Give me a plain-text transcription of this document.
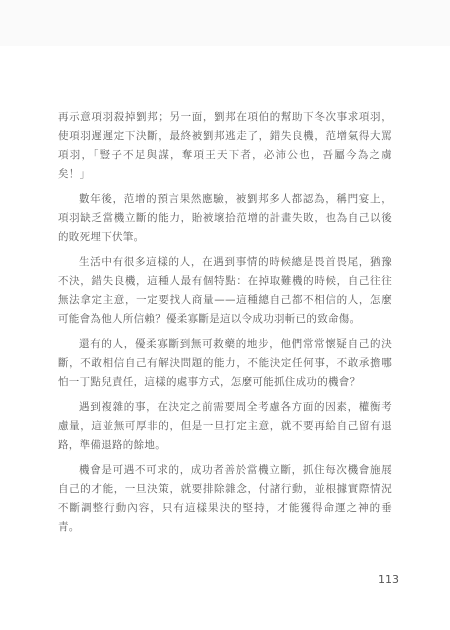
再示意項羽殺掉劉邦；另一面，劉邦在項伯的幫助下冬次事求項羽，使項羽遲遲定下決斷，最終被劉邦逃走了，錯失良機，范增氣得大罵項羽，「豎子不足與謀，奪項王天下者，必沛公也，吾屬今為之虜矣！」

數年後，范增的預言果然應驗，被劉邦多人都認為，稱門宴上，項羽缺乏當機立斷的能力，貽被壞拾范增的計畫失敗，也為自己以後的敗死埋下伏筆。

生活中有很多這樣的人，在遇到事情的時候總是畏首畏尾，猶豫不決，錯失良機，這種人最有個特點：在掉取難機的時候，自己往往無法拿定主意，一定要找人商量——這種總自己都不相信的人，怎麼可能會為他人所信賴？優柔寡斷是這以令成功羽斬已的致命傷。

還有的人，優柔寡斷到無可救藥的地步，他們常常懷疑自己的決斷，不敢相信自己有解決問題的能力，不能決定任何事，不敢承擔哪怕一丁點兒責任，這樣的處事方式，怎麼可能抓住成功的機會？

遇到複雜的事，在決定之前需要周全考慮各方面的因素，權衡考慮量，這並無可厚非的，但是一旦打定主意，就不要再給自己留有退路，準備退路的餘地。

機會是可遇不可求的，成功者善於當機立斷，抓住每次機會施展自己的才能，一旦決策，就要排除雜念，付諸行動，並根據實際情況不斷調整行動內容，只有這樣果決的堅持，才能獲得命運之神的垂青。

113
